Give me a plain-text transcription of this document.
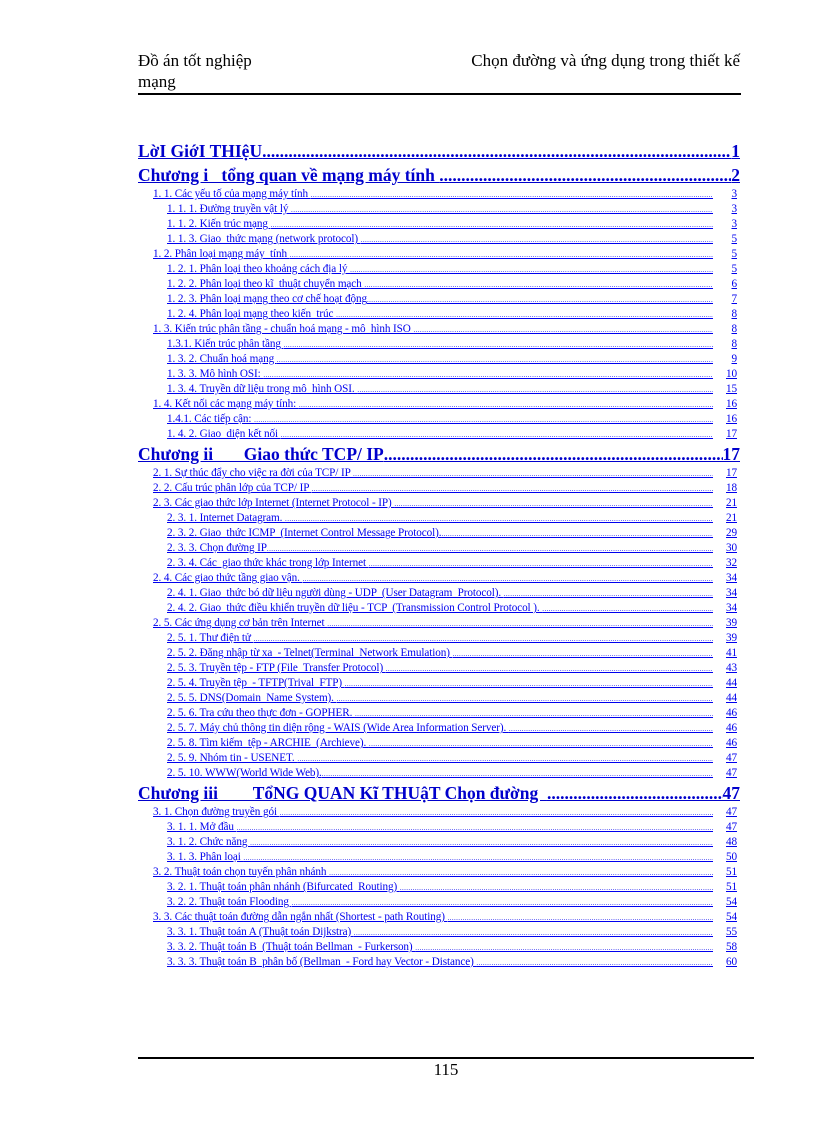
Đồ án tốt nghiệp mạng
Chọn đường và ứng dụng trong thiết kế
LờI GiớI THIệU .....	1
Chương i   tổng quan về mạng máy tính .....	2
1. 1. Các yếu tố của mạng máy tính .....	3
1. 1. 1. Đường truyền vật lý .....	3
1. 1. 2. Kiến trúc mạng .....	3
1. 1. 3. Giao  thức mạng (network protocol) .....	5
1. 2. Phân loại mạng máy  tính .....	5
1. 2. 1. Phân loại theo khoảng cách địa lý .....	5
1. 2. 2. Phân loại theo kĩ  thuật chuyển mạch .....	6
1. 2. 3. Phân loại mạng theo cơ chế hoạt động .....	7
1. 2. 4. Phân loại mạng theo kiến  trúc .....	8
1. 3. Kiến trúc phân tầng - chuẩn hoá mạng - mô  hình ISO .....	8
1.3.1. Kiến trúc phân tầng .....	8
1. 3. 2. Chuẩn hoá mạng .....	9
1. 3. 3. Mô hình OSI: .....	10
1. 3. 4. Truyền dữ liệu trong mô  hình OSI. .....	15
1. 4. Kết nối các mạng máy tính: .....	16
1.4.1. Các tiếp cận: .....	16
1. 4. 2. Giao  diện kết nối .....	17
Chương ii       Giao thức TCP/ IP .....	17
2. 1. Sự thúc đẩy cho việc ra đời của TCP/ IP .....	17
2. 2. Cấu trúc phân lớp của TCP/ IP .....	18
2. 3. Các giao thức lớp Internet (Internet Protocol - IP) .....	21
2. 3. 1. Internet Datagram. .....	21
2. 3. 2. Giao  thức ICMP  (Internet Control Message Protocol). .....	29
2. 3. 3. Chọn đường IP .....	30
2. 3. 4. Các  giao thức khác trong lớp Internet .....	32
2. 4. Các giao thức tầng giao vận. .....	34
2. 4. 1. Giao  thức bó dữ liệu người dùng - UDP  (User Datagram  Protocol). .....	34
2. 4. 2. Giao  thức điều khiển truyền dữ liệu - TCP  (Transmission Control Protocol ). .....	34
2. 5. Các ứng dụng cơ bản trên Internet .....	39
2. 5. 1. Thư điện tử .....	39
2. 5. 2. Đăng nhập từ xa  - Telnet(Terminal  Network Emulation) .....	41
2. 5. 3. Truyền tệp - FTP (File  Transfer Protocol) .....	43
2. 5. 4. Truyền tệp  - TFTP(Trival  FTP) .....	44
2. 5. 5. DNS(Domain  Name System). .....	44
2. 5. 6. Tra cứu theo thực đơn - GOPHER. .....	46
2. 5. 7. Máy chủ thông tin diện rộng - WAIS (Wide Area Information Server). .....	46
2. 5. 8. Tìm kiếm  tệp - ARCHIE  (Archieve). .....	46
2. 5. 9. Nhóm tin - USENET. .....	47
2. 5. 10. WWW(World Wide Web). .....	47
Chương iii        TổNG QUAN Kĩ THUậT Chọn đường .....	47
3. 1. Chọn đường truyền gói .....	47
3. 1. 1. Mở đầu .....	47
3. 1. 2. Chức năng .....	48
3. 1. 3. Phân loại .....	50
3. 2. Thuật toán chọn tuyến phân nhánh .....	51
3. 2. 1. Thuật toán phân nhánh (Bifurcated  Routing) .....	51
3. 2. 2. Thuật toán Flooding .....	54
3. 3. Các thuật toán đường dẫn ngắn nhất (Shortest - path Routing) .....	54
3. 3. 1. Thuật toán A (Thuật toán Dijkstra) .....	55
3. 3. 2. Thuật toán B  (Thuật toán Bellman  - Furkerson) .....	58
3. 3. 3. Thuật toán B  phân bố (Bellman  - Ford hay Vector - Distance) .....	60
115
